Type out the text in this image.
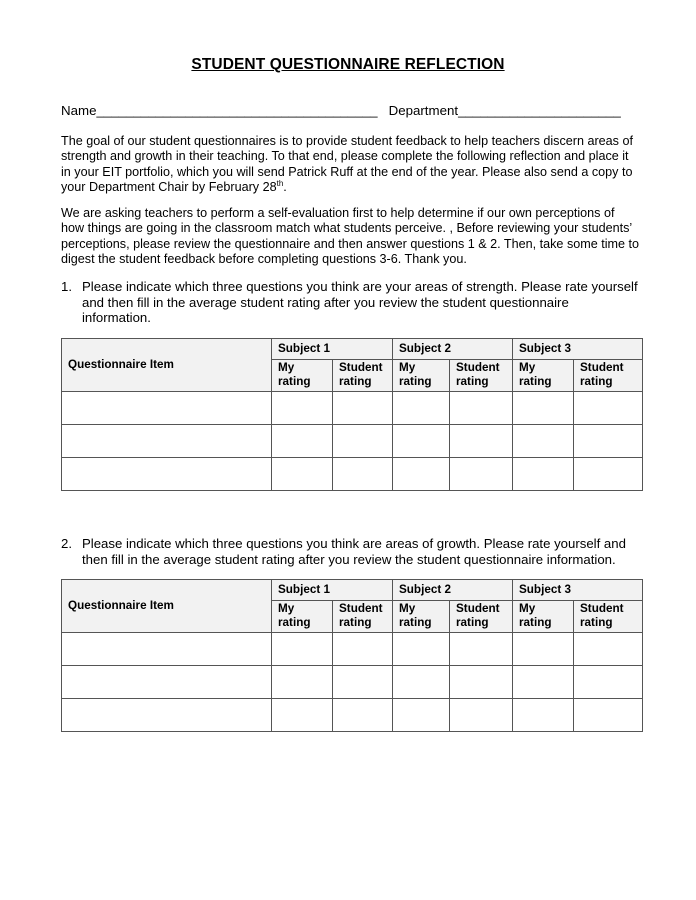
STUDENT QUESTIONNAIRE REFLECTION
Name______________________________________ Department______________________
The goal of our student questionnaires is to provide student feedback to help teachers discern areas of strength and growth in their teaching. To that end, please complete the following reflection and place it in your EIT portfolio, which you will send Patrick Ruff at the end of the year. Please also send a copy to your Department Chair by February 28th.
We are asking teachers to perform a self-evaluation first to help determine if our own perceptions of how things are going in the classroom match what students perceive. , Before reviewing your students’ perceptions, please review the questionnaire and then answer questions 1 & 2. Then, take some time to digest the student feedback before completing questions 3-6. Thank you.
1. Please indicate which three questions you think are your areas of strength. Please rate yourself and then fill in the average student rating after you review the student questionnaire information.
Questionnaire Item	Subject 1		Subject 2		Subject 3	
	My rating	Student rating	My rating	Student rating	My rating	Student rating

2. Please indicate which three questions you think are areas of growth. Please rate yourself and then fill in the average student rating after you review the student questionnaire information.
Questionnaire Item	Subject 1		Subject 2		Subject 3	
	My rating	Student rating	My rating	Student rating	My rating	Student rating
